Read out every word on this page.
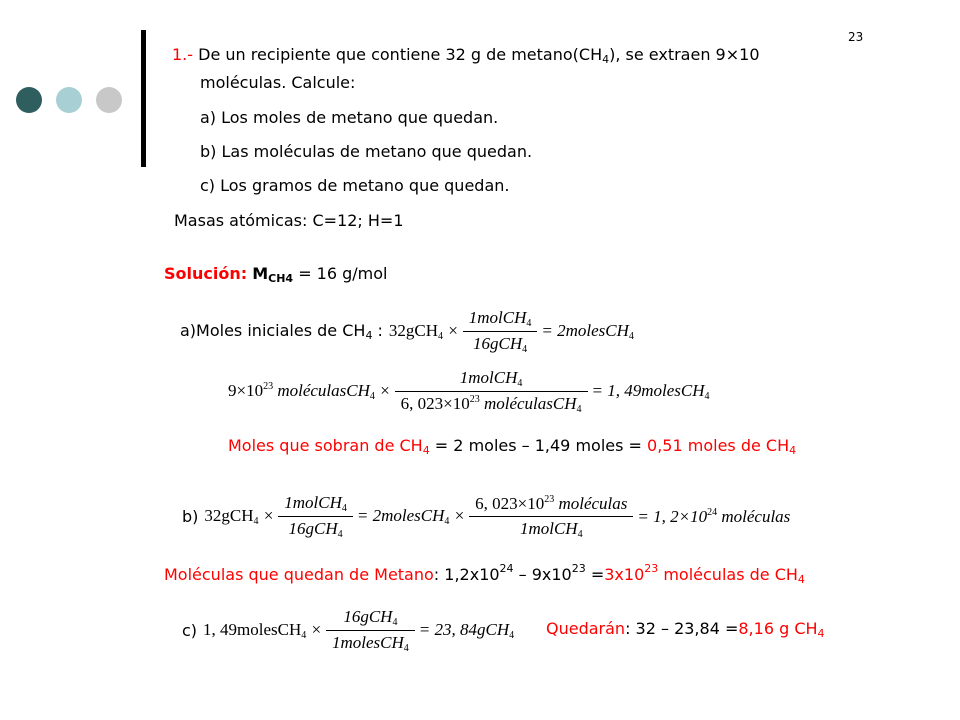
23
1.- De un recipiente que contiene 32 g de metano(CH4), se extraen 9×10
moléculas. Calcule:
a) Los moles de metano que quedan.
b) Las moléculas de metano que quedan.
c) Los gramos de metano que quedan.
Masas atómicas: C=12; H=1
Solución: MCH4 = 16 g/mol
a)Moles iniciales de CH4 : $32gCH_4 \times \frac{1molCH_4}{16gCH_4}$ = 2molesCH$_4$
$9\times 10^{23}$ moléculasCH$_4$ × $\frac{1molCH_4}{6, 023\times 10^{23} moléculasCH_4} = 1$, 49molesCH$_4$
Moles que sobran de CH4 = 2 moles – 1,49 moles = 0,51 moles de CH4
b) $32gCH_4 \times \frac{1molCH_4}{16gCH_4}$ = 2molesCH$_4$ × $\frac{6, 023\times 10^{23} moléculas}{1molCH_4} = 1$, $2\times 10^{24}$ moléculas
Moléculas que quedan de Metano: $1,2x10^{24} - 9x10^{23} =3x10^{23}$ moléculas de CH4
c) 1, 49molesCH$_4$ × $\frac{16gCH_4}{1molesCH_4} = 23$, 84gCH$_4$ Quedarán: 32 – 23,84 =8,16 g CH4
